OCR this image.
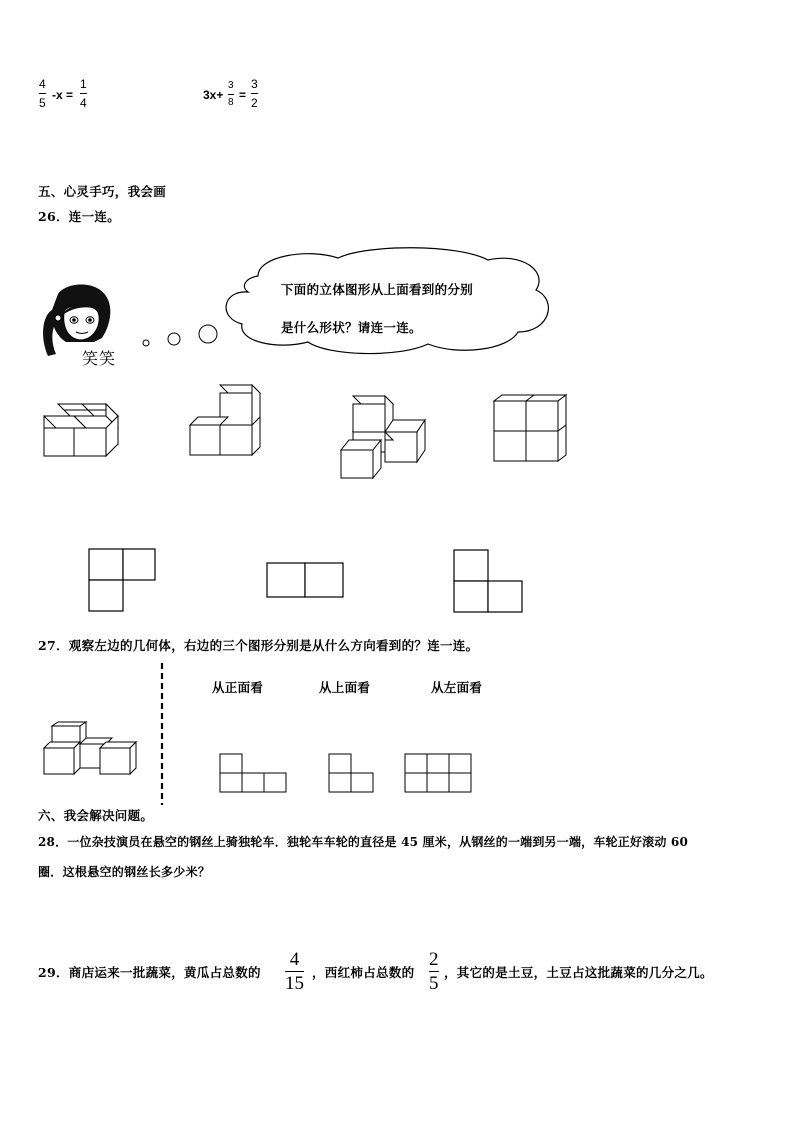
4
5
-x =
1
4
3x+
3
8
=
3
2
五、心灵手巧，我会画
26．连一连。
笑笑
下面的立体图形从上面看到的分别
是什么形状？请连一连。
27．观察左边的几何体，右边的三个图形分别是从什么方向看到的？连一连。
从正面看	从上面看	从左面看
六、我会解决问题。
28．一位杂技演员在悬空的钢丝上骑独轮车．独轮车车轮的直径是 45 厘米，从钢丝的一端到另一端，车轮正好滚动 60
圈．这根悬空的钢丝长多少米？
29．商店运来一批蔬菜，黄瓜占总数的
4
15
，西红柿占总数的
2
5
，其它的是土豆，土豆占这批蔬菜的几分之几。
